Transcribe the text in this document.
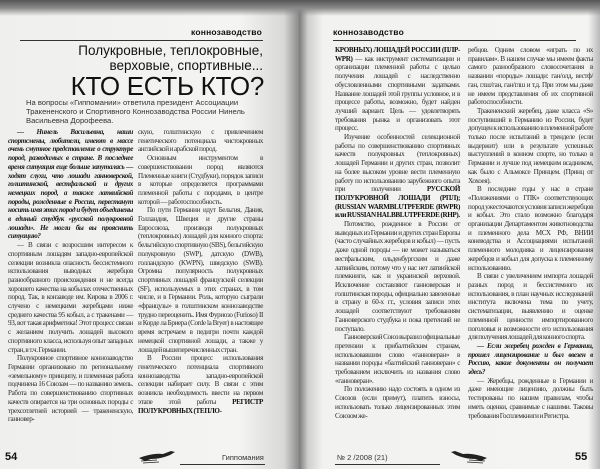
коннозаводство
Полукровные, теплокровные, верховые, спортивные...
КТО ЕСТЬ КТО?
На вопросы «Гиппомании» ответила президент Ассоциации Тракененского и Спортивного Коннозаводства России Нинель Васильевна Дорофеева.

— Нинель Васильевна, наши спортсмены, любители, имеют в массе очень смутное представление о структуре пород, разводимых в стране. В последнее время ситуация еще больше запуталась — ходят слухи, что лошади ганноверской, голштинской, вестфальской и других немецких пород, а также латвийской породы, рожденные в России, перестанут носить имя этих пород и будут объединены в единый студбук «русской полукровной лошади». Не могли бы вы прояснить ситуацию?

— В связи с возросшим интересом к спортивным лошадям западно-европейской селекции возникла опасность бессистемного использования выводных жеребцов разнообразного происхождения и не всегда хорошего качества на кобылах отечественных пород. Так, в конзаводе им. Кирова в 2006 г. случено с немецкими жеребцами ниже среднего качества 95 кобыл, а с тракенами — 93, вот такая арифметика! Этот процесс связан с желанием получить лошадей высокого спортивного класса, используя опыт западных стран, в т.ч. Германии.

Полукровное спортивное коннозаводство Германии организовано по региональному «земельному» принципу, и племенная работа подчинена 16 Союзам — по названию земель. Работа по совершенствованию спортивных качеств опирается на три основных породы с трехсотлетней историей — тракененскую, ганновер-

скую, голштинскую с привлечением генетического потенциала чистокровных английской и арабской пород.

Основным инструментом в совершенствовании пород являются Племенные книги (Студбуки), порядок записи в которые определяется программами племенной работы с породами, в центре которой — работоспособность.

По пути Германии идут Бельгия, Дания, Голландия, Швеция и другие страны Евросоюза, производя полукровных (теплокровных) лошадей для конного спорта: бельгийскую спортивную (SBS), бельгийскую полукровную (SWP), датскую (DWB), голландскую (KWPN), шведскую (SWB). Огромна популярность полукровных спортивных лошадей французской селекции (SF), используемых в этих странах, в том числе, и в Германии. Роль, которую сыграли «французы» в голштинском коннозаводстве трудно переоценить. Имя Фуриозо (Furioso) II и Корде ла Бриера (Corde la Bryer) в настоящее время встречаем в педигри почти каждой немецкой спортивной лошади, а также у лошадей вышеперечисленных стран.

В России процесс использования генетического потенциала спортивного коннозаводства западно-европейской селекции набирает силу. В связи с этим возникла необходимость ввести на первом этапе этой работы РЕГИСТР ПОЛУКРОВНЫХ (ТЕПЛО-

54	Гиппомания
коннозаводство

КРОВНЫХ) ЛОШАДЕЙ РОССИИ (ПЛР-WPR) — как инструмент систематизации и организации племенной работы с целью получения лошадей с наследственно обусловленными спортивными задатками. Название лошадей этой группы условное, и в процессе работы, возможно, будет найден лучший вариант. Цель — удовлетворять требования рынка и организовать этот процесс.

Изучение особенностей селекционной работы по совершенствованию спортивных качеств полукровных (теплокровных) лошадей Германии и других стран, позволит на более высоком уровне вести племенную работу по использованию зарубежного опыта при получении РУССКОЙ ПОЛУКРОВНОЙ ЛОШАДИ (РПЛ); (RUSSIAN WARMBLUTPFERDE (RWPR) или RUSSIAN HALBBLUTPFERDE (RHP).

Потомство, рожденное в России от выводных из Германии и других стран Европы (часто случайных жеребцов и кобыл) — пусть даже одной породы — не может называться вестфальским, ольденбургским и даже латвийским, потому что у нас нет латвийской племкниги, как и украинской верховой. Исключение составляют ганноверская и голштинская породы, официально завезенные в страну в 60-х гг., условия записи этих лошадей соответствуют требованиям Ганноверского студбука и пока претензий не поступало.

Ганноверский Союз выразил официальные претензии к прибалтийским странам, использовавшим слово «ганноверан» в названии породы «балтийский ганноверан» с требованием исключить из названия слово «ганноверан».

По положению надо состоять в одном из Союзов (если примут), платить взносы, использовать только лицензированных этим Союзом же-

ребцов. Одним словом «играть по их правилам». В нашем случае мы имеем факты самого разнообразного словосочетания в названии «породы» лошади: ган/олд, вестф/ган, глш/ган, ган/глш и т.д. При этом мы даже не имеем представления об их спортивной работоспособности.

Тракененский жеребец, даже класса «S» поступивший в Германию из России, будет допущен к использованию в племенной работе только после испытаний в тренделе (если выдержит) или в результате успешных выступлений в конном спорте, но только в Германии и лучше под немецким всадником, как было с Альмоксе Принцем. (Принц от Хохоея).

В последние годы у нас в стране «Положениями о ГПК» соответствующих пород ужесточаются условия записи жеребцов и кобыл. Это стало возможно благодаря организации Департаментом животноводства и племенного дела МСХ РФ, ВНИИ коневодства и Ассоциациями испытаний племенного молодняка и лицензирования жеребцов и кобыл для допуска к племенному использованию.

В связи с увеличением импорта лошадей разных пород и бессистемного их использования, в план научных исследований института включена тема по учету, систематизации, выявлению и оценке племенной ценности импортированного поголовья и возможности его использования для получения лошадей для конного спорта.

— Если жеребец рожден в Германии, прошел лицензирование и был ввезен в Россию, какие документы он получает здесь?

— Жеребцы, рожденные в Германии и даже имеющие лицензию, должны быть тестированы по нашим правилам, чтобы иметь оценки, сравнимые с нашими. Таковы требования Госплемкниги и Регистра.

№ 2 /2008 (21)	55
